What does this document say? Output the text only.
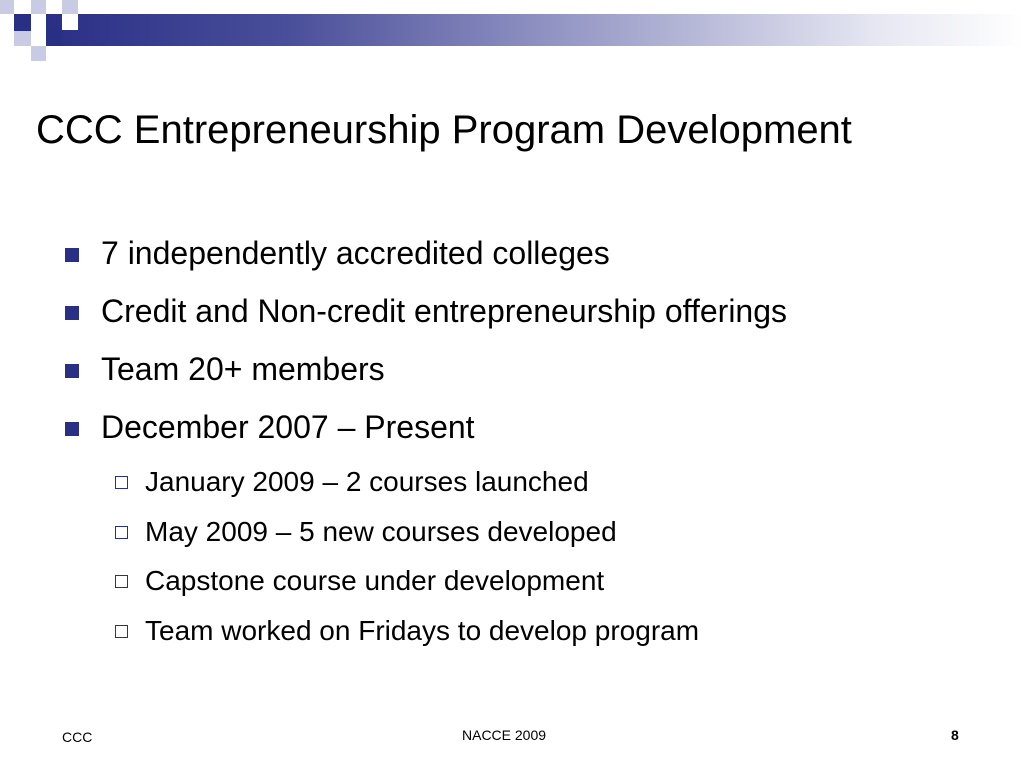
CCC Entrepreneurship Program Development
7 independently accredited colleges
Credit and Non-credit entrepreneurship offerings
Team 20+ members
December 2007 – Present
January 2009 – 2 courses launched
May 2009 – 5 new courses developed
Capstone course under development
Team worked on Fridays to develop program
CCC	NACCE 2009	8
